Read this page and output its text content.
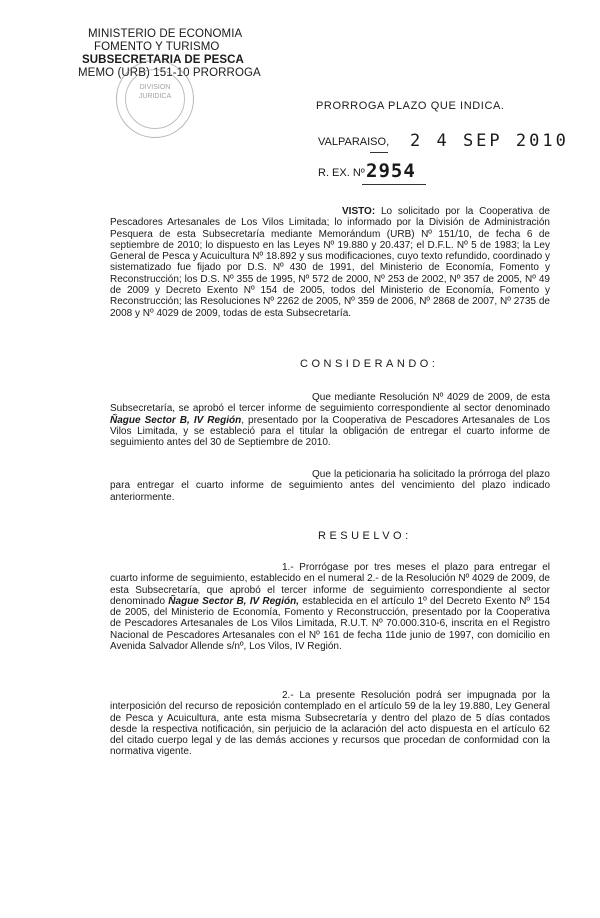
MINISTERIO DE ECONOMIA
FOMENTO Y TURISMO
SUBSECRETARIA DE PESCA
MEMO (URB) 151-10 PRORROGA
DIVISION
JURIDICA
PRORROGA PLAZO QUE INDICA.
VALPARAISO, 2 4 SEP 2010
R. EX. Nº 2954
VISTO: Lo solicitado por la Cooperativa de Pescadores Artesanales de Los Vilos Limitada; lo informado por la División de Administración Pesquera de esta Subsecretaría mediante Memorándum (URB) Nº 151/10, de fecha 6 de septiembre de 2010; lo dispuesto en las Leyes Nº 19.880 y 20.437; el D.F.L. Nº 5 de 1983; la Ley General de Pesca y Acuicultura Nº 18.892 y sus modificaciones, cuyo texto refundido, coordinado y sistematizado fue fijado por D.S. Nº 430 de 1991, del Ministerio de Economía, Fomento y Reconstrucción; los D.S. Nº 355 de 1995, Nº 572 de 2000, Nº 253 de 2002, Nº 357 de 2005, Nº 49 de 2009 y Decreto Exento Nº 154 de 2005, todos del Ministerio de Economía, Fomento y Reconstrucción; las Resoluciones Nº 2262 de 2005, Nº 359 de 2006, Nº 2868 de 2007, Nº 2735 de 2008 y Nº 4029 de 2009, todas de esta Subsecretaría.
CONSIDERANDO:
Que mediante Resolución Nº 4029 de 2009, de esta Subsecretaría, se aprobó el tercer informe de seguimiento correspondiente al sector denominado Ñague Sector B, IV Región, presentado por la Cooperativa de Pescadores Artesanales de Los Vilos Limitada, y se estableció para el titular la obligación de entregar el cuarto informe de seguimiento antes del 30 de Septiembre de 2010.
Que la peticionaria ha solicitado la prórroga del plazo para entregar el cuarto informe de seguimiento antes del vencimiento del plazo indicado anteriormente.
RESUELVO:
1.- Prorrógase por tres meses el plazo para entregar el cuarto informe de seguimiento, establecido en el numeral 2.- de la Resolución Nº 4029 de 2009, de esta Subsecretaría, que aprobó el tercer informe de seguimiento correspondiente al sector denominado Ñague Sector B, IV Región, establecida en el artículo 1º del Decreto Exento Nº 154 de 2005, del Ministerio de Economía, Fomento y Reconstrucción, presentado por la Cooperativa de Pescadores Artesanales de Los Vilos Limitada, R.U.T. Nº 70.000.310-6, inscrita en el Registro Nacional de Pescadores Artesanales con el Nº 161 de fecha 11de junio de 1997, con domicilio en Avenida Salvador Allende s/nº, Los Vilos, IV Región.
2.- La presente Resolución podrá ser impugnada por la interposición del recurso de reposición contemplado en el artículo 59 de la ley 19.880, Ley General de Pesca y Acuicultura, ante esta misma Subsecretaría y dentro del plazo de 5 días contados desde la respectiva notificación, sin perjuicio de la aclaración del acto dispuesta en el artículo 62 del citado cuerpo legal y de las demás acciones y recursos que procedan de conformidad con la normativa vigente.
